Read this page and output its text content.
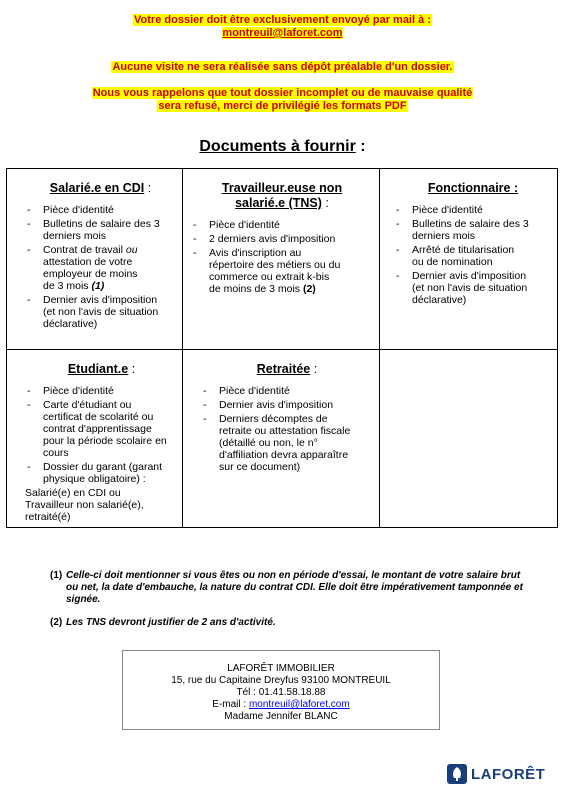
Votre dossier doit être exclusivement envoyé par mail à :
montreuil@laforet.com
Aucune visite ne sera réalisée sans dépôt préalable d'un dossier.
Nous vous rappelons que tout dossier incomplet ou de mauvaise qualité
sera refusé, merci de privilégié les formats PDF
Documents à fournir :
Salarié.e en CDI :
- Pièce d'identité
- Bulletins de salaire des 3
derniers mois
- Contrat de travail ou
attestation de votre
employeur de moins
de 3 mois (1)
- Dernier avis d'imposition
(et non l'avis de situation
déclarative)
Travailleur.euse non
salarié.e (TNS) :
- Pièce d'identité
- 2 derniers avis d'imposition
- Avis d'inscription au
répertoire des métiers ou du
commerce ou extrait k-bis
de moins de 3 mois (2)
Fonctionnaire :
- Pièce d'identité
- Bulletins de salaire des 3
derniers mois
- Arrêté de titularisation
ou de nomination
- Dernier avis d'imposition
(et non l'avis de situation
déclarative)
Etudiant.e :
- Pièce d'identité
- Carte d'étudiant ou
certificat de scolarité ou
contrat d'apprentissage
pour la période scolaire en
cours
- Dossier du garant (garant
physique obligatoire) :
Salarié(e) en CDI ou
Travailleur non salarié(e),
retraité(é)
Retraitée :
- Pièce d'identité
- Dernier avis d'imposition
- Derniers décomptes de
retraite ou attestation fiscale
(détaillé ou non, le n°
d'affiliation devra apparaître
sur ce document)
(1) Celle-ci doit mentionner si vous êtes ou non en période d'essai, le montant de votre salaire brut ou net, la date d'embauche, la nature du contrat CDI. Elle doit être impérativement tamponnée et signée.
(2) Les TNS devront justifier de 2 ans d'activité.
LAFORÊT IMMOBILIER
15, rue du Capitaine Dreyfus 93100 MONTREUIL
Tél : 01.41.58.18.88
E-mail : montreuil@laforet.com
Madame Jennifer BLANC
LAFORÊT
